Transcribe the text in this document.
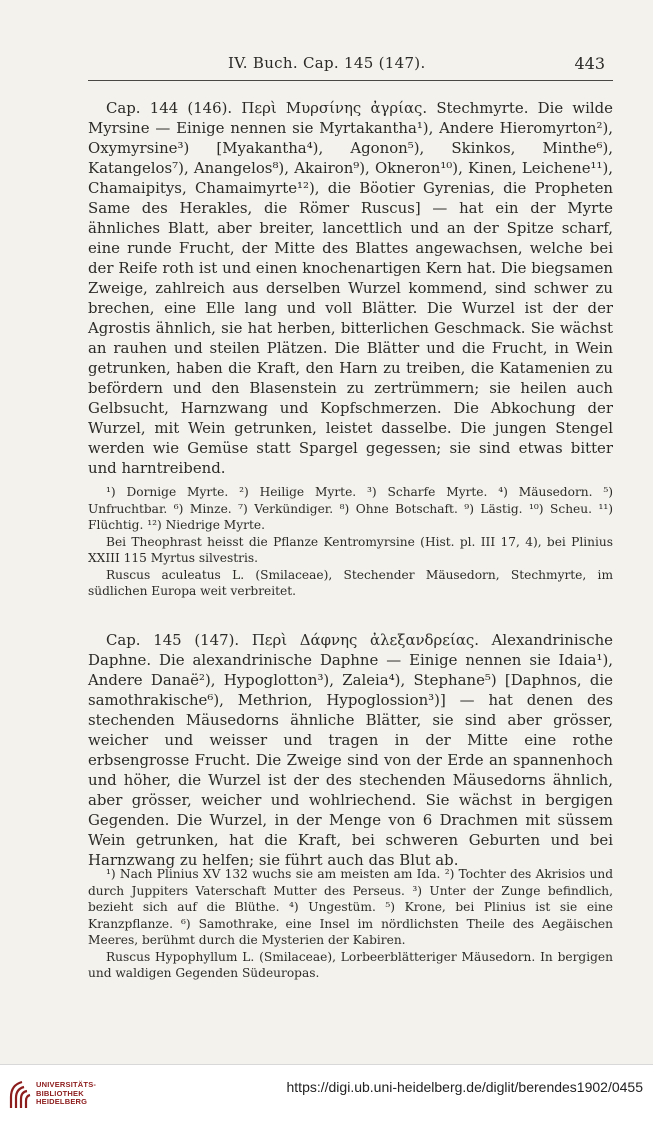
IV. Buch. Cap. 145 (147).	443

Cap. 144 (146). Περὶ Μυρσίνης ἀγρίας. Stechmyrte. Die wilde Myrsine — Einige nennen sie Myrtakantha¹), Andere Hieromyrton²), Oxymyrsine³) [Myakantha⁴), Agonon⁵), Skinkos, Minthe⁶), Katangelos⁷), Anangelos⁸), Akairon⁹), Okneron¹⁰), Kinen, Leichene¹¹), Chamaipitys, Chamaimyrte¹²), die Böotier Gyrenias, die Propheten Same des Herakles, die Römer Ruscus] — hat ein der Myrte ähnliches Blatt, aber breiter, lancettlich und an der Spitze scharf, eine runde Frucht, der Mitte des Blattes angewachsen, welche bei der Reife roth ist und einen knochenartigen Kern hat. Die biegsamen Zweige, zahlreich aus derselben Wurzel kommend, sind schwer zu brechen, eine Elle lang und voll Blätter. Die Wurzel ist der der Agrostis ähnlich, sie hat herben, bitterlichen Geschmack. Sie wächst an rauhen und steilen Plätzen. Die Blätter und die Frucht, in Wein getrunken, haben die Kraft, den Harn zu treiben, die Katamenien zu befördern und den Blasenstein zu zertrümmern; sie heilen auch Gelbsucht, Harnzwang und Kopfschmerzen. Die Abkochung der Wurzel, mit Wein getrunken, leistet dasselbe. Die jungen Stengel werden wie Gemüse statt Spargel gegessen; sie sind etwas bitter und harntreibend.

¹) Dornige Myrte. ²) Heilige Myrte. ³) Scharfe Myrte. ⁴) Mäusedorn. ⁵) Unfruchtbar. ⁶) Minze. ⁷) Verkündiger. ⁸) Ohne Botschaft. ⁹) Lästig. ¹⁰) Scheu. ¹¹) Flüchtig. ¹²) Niedrige Myrte.

Bei Theophrast heisst die Pflanze Kentromyrsine (Hist. pl. III 17, 4), bei Plinius XXIII 115 Myrtus silvestris.

Ruscus aculeatus L. (Smilaceae), Stechender Mäusedorn, Stechmyrte, im südlichen Europa weit verbreitet.

Cap. 145 (147). Περὶ Δάφνης ἀλεξανδρείας. Alexandrinische Daphne. Die alexandrinische Daphne — Einige nennen sie Idaia¹), Andere Danaë²), Hypoglotton³), Zaleia⁴), Stephane⁵) [Daphnos, die samothrakische⁶), Methrion, Hypoglossion³)] — hat denen des stechenden Mäusedorns ähnliche Blätter, sie sind aber grösser, weicher und weisser und tragen in der Mitte eine rothe erbsengrosse Frucht. Die Zweige sind von der Erde an spannenhoch und höher, die Wurzel ist der des stechenden Mäusedorns ähnlich, aber grösser, weicher und wohlriechend. Sie wächst in bergigen Gegenden. Die Wurzel, in der Menge von 6 Drachmen mit süssem Wein getrunken, hat die Kraft, bei schweren Geburten und bei Harnzwang zu helfen; sie führt auch das Blut ab.

¹) Nach Plinius XV 132 wuchs sie am meisten am Ida. ²) Tochter des Akrisios und durch Juppiters Vaterschaft Mutter des Perseus. ³) Unter der Zunge befindlich, bezieht sich auf die Blüthe. ⁴) Ungestüm. ⁵) Krone, bei Plinius ist sie eine Kranzpflanze. ⁶) Samothrake, eine Insel im nördlichsten Theile des Aegäischen Meeres, berühmt durch die Mysterien der Kabiren.

Ruscus Hypophyllum L. (Smilaceae), Lorbeerblätteriger Mäusedorn. In bergigen und waldigen Gegenden Südeuropas.

UNIVERSITÄTS-
BIBLIOTHEK
HEIDELBERG
https://digi.ub.uni-heidelberg.de/diglit/berendes1902/0455
